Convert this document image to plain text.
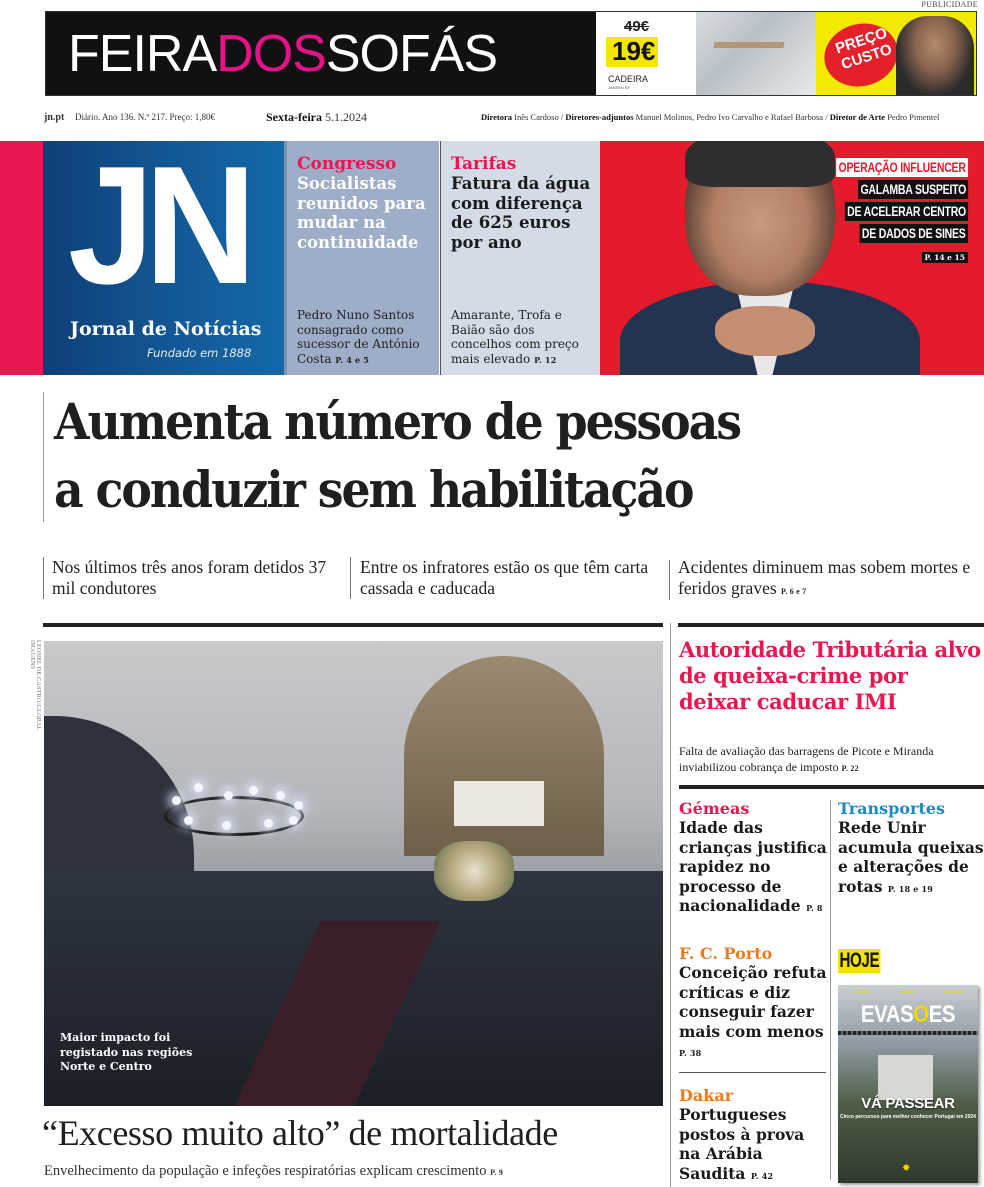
PUBLICIDADE
FEIRADOSSOFÁS	49€
19€
CADEIRA
JANSEN BY
PREÇO CUSTO
jn.pt Diário. Ano 136. N.º 217. Preço: 1,80€	Sexta-feira 5.1.2024	Diretora Inês Cardoso / Diretores-adjuntos Manuel Molinos, Pedro Ivo Carvalho e Rafael Barbosa / Diretor de Arte Pedro Pimentel
JN
Jornal de Notícias
Fundado em 1888
Congresso
Socialistas reunidos para mudar na continuidade
Pedro Nuno Santos consagrado como sucessor de António Costa P. 4 e 5
Tarifas
Fatura da água com diferença de 625 euros por ano
Amarante, Trofa e Baião são dos concelhos com preço mais elevado P. 12
OPERAÇÃO INFLUENCER
GALAMBA SUSPEITO
DE ACELERAR CENTRO
DE DADOS DE SINES
P. 14 e 15
Aumenta número de pessoas
a conduzir sem habilitação
Nos últimos três anos foram detidos 37 mil condutores
Entre os infratores estão os que têm carta cassada e caducada
Acidentes diminuem mas sobem mortes e feridos graves P. 6 e 7
LEONEL DE CASTRO/GLOBAL IMAGENS
Maior impacto foi registado nas regiões Norte e Centro
“Excesso muito alto” de mortalidade
Envelhecimento da população e infeções respiratórias explicam crescimento P. 9
Autoridade Tributária alvo de queixa-crime por deixar caducar IMI
Falta de avaliação das barragens de Picote e Miranda inviabilizou cobrança de imposto P. 22
Gémeas
Idade das crianças justifica rapidez no processo de nacionalidade P. 8
Transportes
Rede Unir acumula queixas e alterações de rotas P. 18 e 19
F. C. Porto
Conceição refuta críticas e diz conseguir fazer mais com menos P. 38
Dakar
Portugueses postos à prova na Arábia Saudita P. 42
HOJE
ROTEIRO	COMER	SEM SAIR
EVASOES
VÁ PASSEAR
Cinco percursos para melhor conhecer Portugal em 2024
✸
